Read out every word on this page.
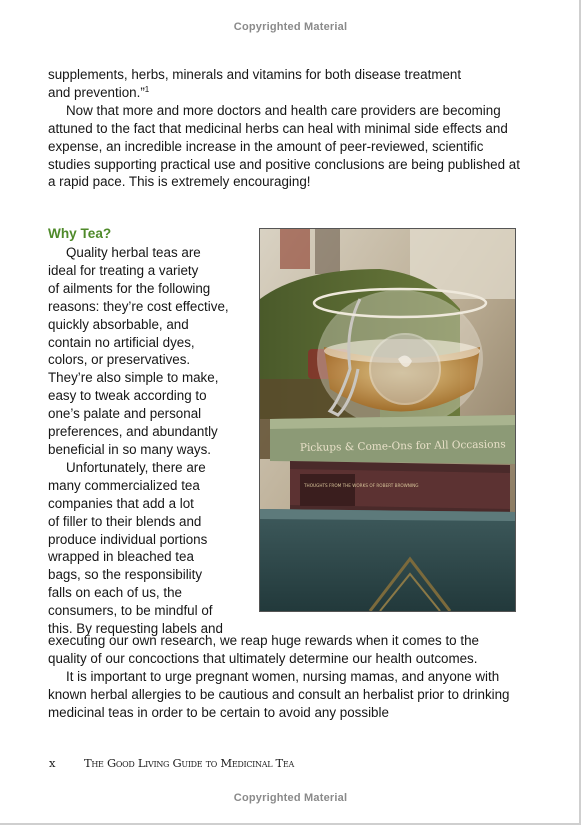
Copyrighted Material

supplements, herbs, minerals and vitamins for both disease treatment

and prevention.”$^1$

Now that more and more doctors and health care providers are becoming attuned to the fact that medicinal herbs can heal with minimal side effects and expense, an incredible increase in the amount of peer-reviewed, scientific studies supporting practical use and positive conclusions are being published at a rapid pace. This is extremely encouraging!

Why Tea?
Quality herbal teas are
ideal for treating a variety
of ailments for the following
reasons: they’re cost effective,
quickly absorbable, and
contain no artificial dyes,
colors, or preservatives.
They’re also simple to make,
easy to tweak according to
one’s palate and personal
preferences, and abundantly
beneficial in so many ways.
Unfortunately, there are
many commercialized tea
companies that add a lot
of filler to their blends and
produce individual portions
wrapped in bleached tea
bags, so the responsibility
falls on each of us, the
consumers, to be mindful of
this. By requesting labels and
Pickups & Come-Ons for All Occasions
THOUGHTS FROM THE WORKS OF ROBERT BROWNING

executing our own research, we reap huge rewards when it comes to the quality of our concoctions that ultimately determine our health outcomes.

It is important to urge pregnant women, nursing mamas, and anyone with known herbal allergies to be cautious and consult an herbalist prior to drinking medicinal teas in order to be certain to avoid any possible

x	The Good Living Guide to Medicinal Tea
Copyrighted Material
